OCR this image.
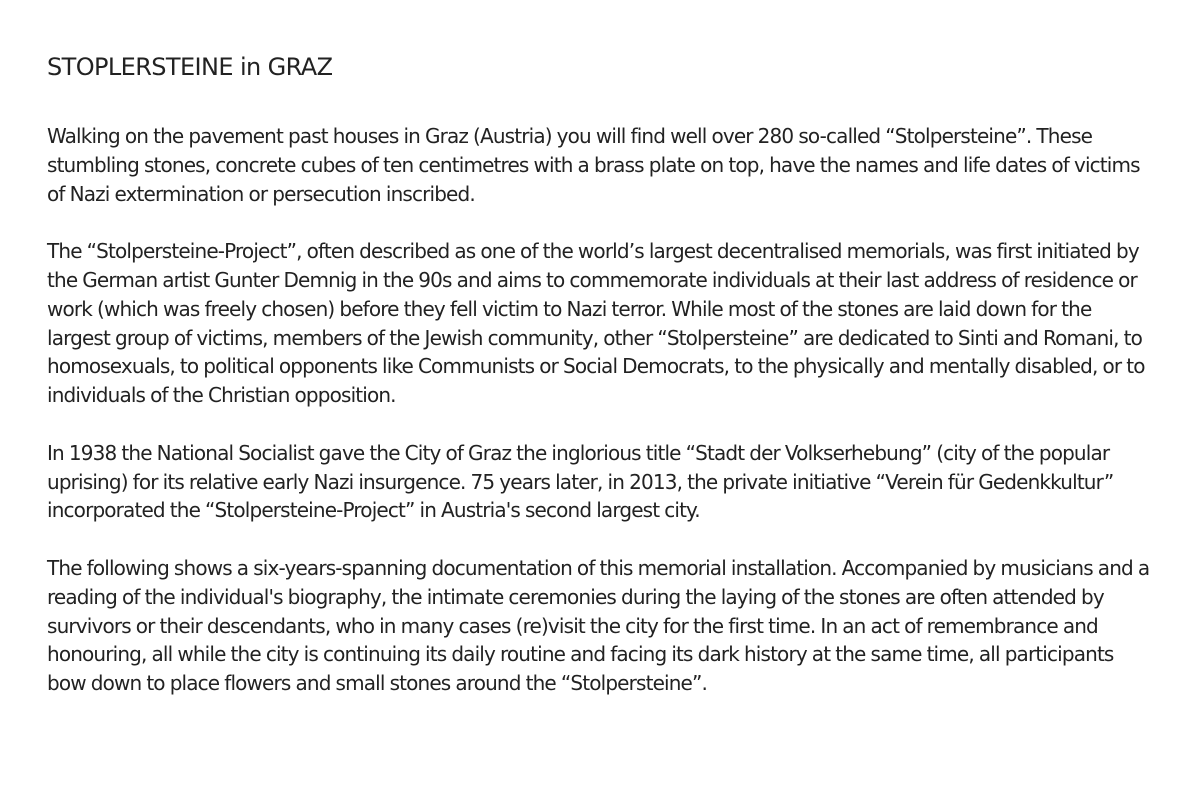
STOPLERSTEINE in GRAZ

Walking on the pavement past houses in Graz (Austria) you will find well over 280 so-called “Stolpersteine”. These stumbling stones, concrete cubes of ten centimetres with a brass plate on top, have the names and life dates of victims of Nazi extermination or persecution inscribed.

The “Stolpersteine-Project”, often described as one of the world’s largest decentralised memorials, was first initiated by the German artist Gunter Demnig in the 90s and aims to commemorate individuals at their last address of residence or work (which was freely chosen) before they fell victim to Nazi terror. While most of the stones are laid down for the largest group of victims, members of the Jewish community, other “Stolpersteine” are dedicated to Sinti and Romani, to homosexuals, to political opponents like Communists or Social Democrats, to the physically and mentally disabled, or to individuals of the Christian opposition.

In 1938 the National Socialist gave the City of Graz the inglorious title “Stadt der Volkserhebung” (city of the popular uprising) for its relative early Nazi insurgence. 75 years later, in 2013, the private initiative “Verein für Gedenkkultur” incorporated the “Stolpersteine-Project” in Austria's second largest city.

The following shows a six-years-spanning documentation of this memorial installation. Accompanied by musicians and a reading of the individual's biography, the intimate ceremonies during the laying of the stones are often attended by survivors or their descendants, who in many cases (re)visit the city for the first time. In an act of remembrance and honouring, all while the city is continuing its daily routine and facing its dark history at the same time, all participants bow down to place flowers and small stones around the “Stolpersteine”.
